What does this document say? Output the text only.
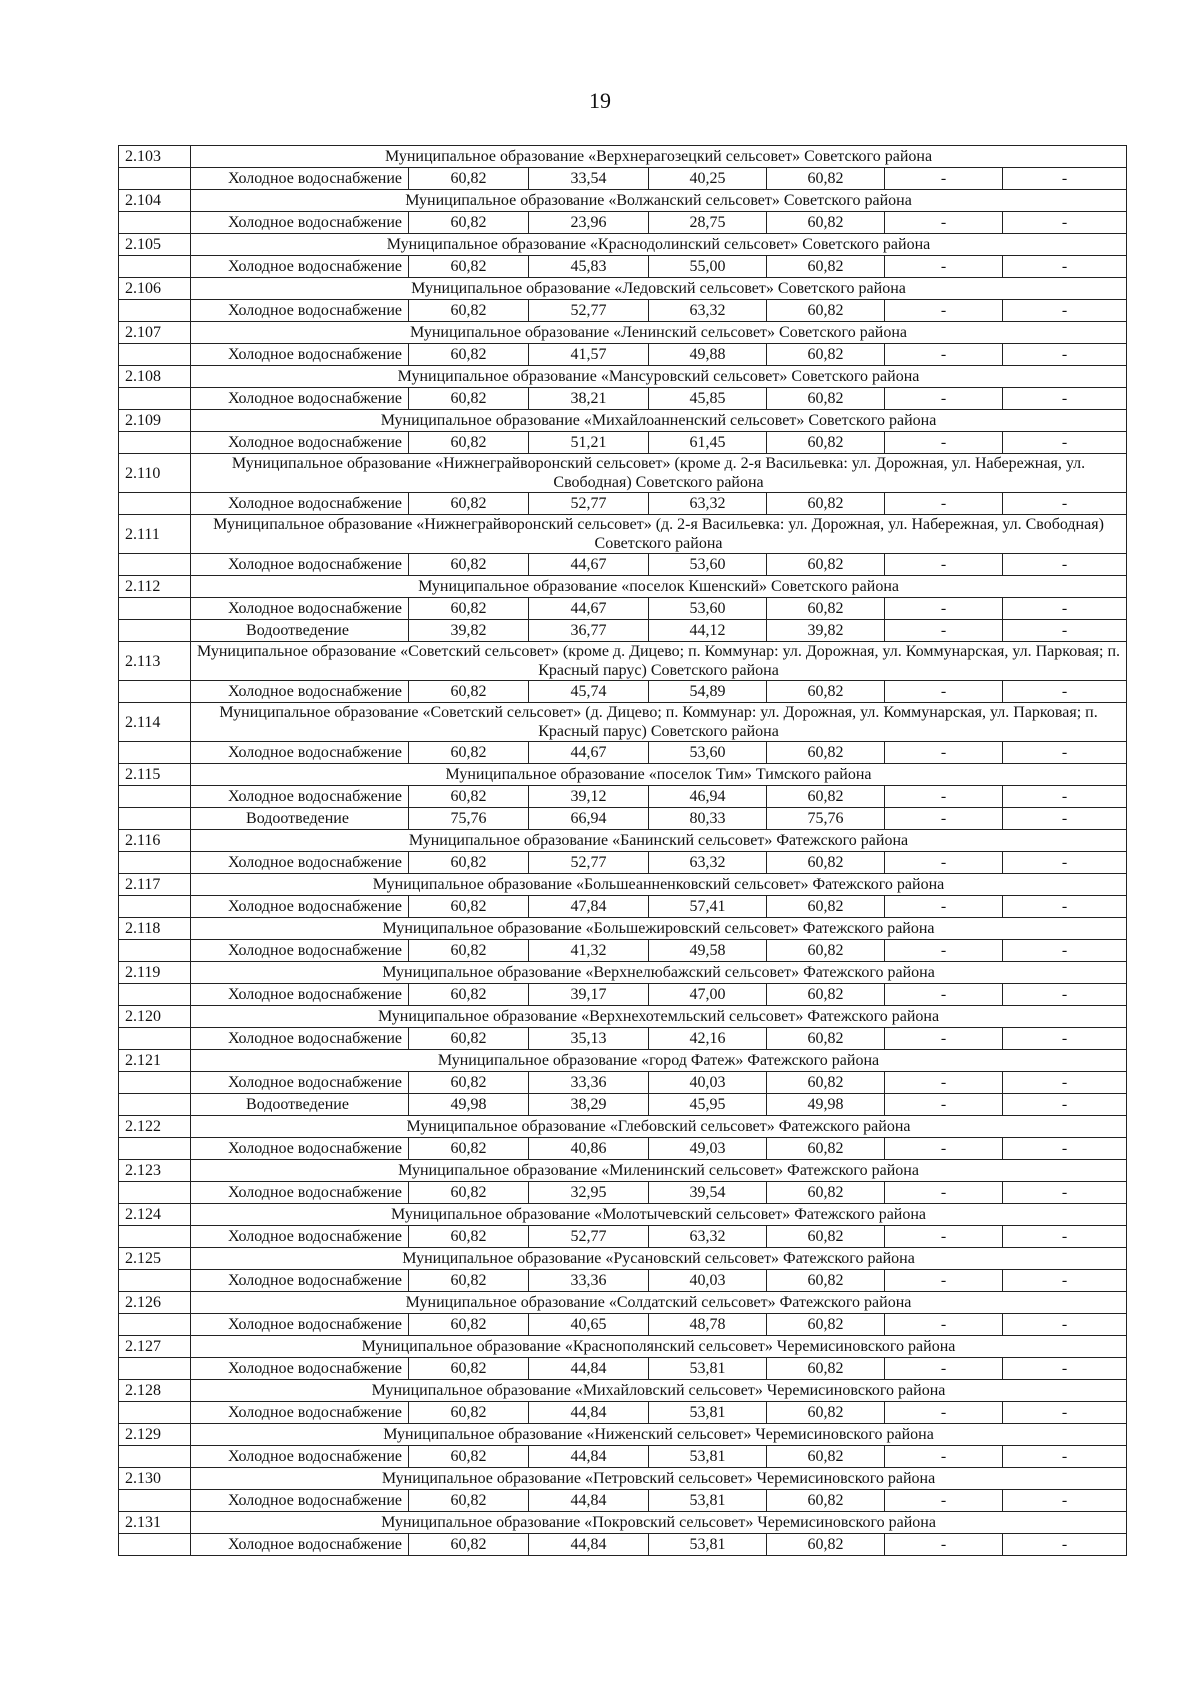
19
2.103	Муниципальное образование «Верхнерагозецкий сельсовет» Советского района						
	Холодное водоснабжение	60,82	33,54	40,25	60,82	-	-
2.104	Муниципальное образование «Волжанский сельсовет» Советского района						
	Холодное водоснабжение	60,82	23,96	28,75	60,82	-	-
2.105	Муниципальное образование «Краснодолинский сельсовет» Советского района						
	Холодное водоснабжение	60,82	45,83	55,00	60,82	-	-
2.106	Муниципальное образование «Ледовский сельсовет» Советского района						
	Холодное водоснабжение	60,82	52,77	63,32	60,82	-	-
2.107	Муниципальное образование «Ленинский сельсовет» Советского района						
	Холодное водоснабжение	60,82	41,57	49,88	60,82	-	-
2.108	Муниципальное образование «Мансуровский сельсовет» Советского района						
	Холодное водоснабжение	60,82	38,21	45,85	60,82	-	-
2.109	Муниципальное образование «Михайлоанненский сельсовет» Советского района						
	Холодное водоснабжение	60,82	51,21	61,45	60,82	-	-
2.110	Муниципальное образование «Нижнеграйворонский сельсовет» (кроме д. 2-я Васильевка: ул. Дорожная, ул. Набережная, ул. Свободная) Советского района						
	Холодное водоснабжение	60,82	52,77	63,32	60,82	-	-
2.111	Муниципальное образование «Нижнеграйворонский сельсовет» (д. 2-я Васильевка: ул. Дорожная, ул. Набережная, ул. Свободная) Советского района						
	Холодное водоснабжение	60,82	44,67	53,60	60,82	-	-
2.112	Муниципальное образование «поселок Кшенский» Советского района						
	Холодное водоснабжение	60,82	44,67	53,60	60,82	-	-
	Водоотведение	39,82	36,77	44,12	39,82	-	-
2.113	Муниципальное образование «Советский сельсовет» (кроме д. Дицево; п. Коммунар: ул. Дорожная, ул. Коммунарская, ул. Парковая; п. Красный парус) Советского района						
	Холодное водоснабжение	60,82	45,74	54,89	60,82	-	-
2.114	Муниципальное образование «Советский сельсовет» (д. Дицево; п. Коммунар: ул. Дорожная, ул. Коммунарская, ул. Парковая; п. Красный парус) Советского района						
	Холодное водоснабжение	60,82	44,67	53,60	60,82	-	-
2.115	Муниципальное образование «поселок Тим» Тимского района						
	Холодное водоснабжение	60,82	39,12	46,94	60,82	-	-
	Водоотведение	75,76	66,94	80,33	75,76	-	-
2.116	Муниципальное образование «Банинский сельсовет» Фатежского района						
	Холодное водоснабжение	60,82	52,77	63,32	60,82	-	-
2.117	Муниципальное образование «Большеанненковский сельсовет» Фатежского района						
	Холодное водоснабжение	60,82	47,84	57,41	60,82	-	-
2.118	Муниципальное образование «Большежировский сельсовет» Фатежского района						
	Холодное водоснабжение	60,82	41,32	49,58	60,82	-	-
2.119	Муниципальное образование «Верхнелюбажский сельсовет» Фатежского района						
	Холодное водоснабжение	60,82	39,17	47,00	60,82	-	-
2.120	Муниципальное образование «Верхнехотемльский сельсовет» Фатежского района						
	Холодное водоснабжение	60,82	35,13	42,16	60,82	-	-
2.121	Муниципальное образование «город Фатеж» Фатежского района						
	Холодное водоснабжение	60,82	33,36	40,03	60,82	-	-
	Водоотведение	49,98	38,29	45,95	49,98	-	-
2.122	Муниципальное образование «Глебовский сельсовет» Фатежского района						
	Холодное водоснабжение	60,82	40,86	49,03	60,82	-	-
2.123	Муниципальное образование «Миленинский сельсовет» Фатежского района						
	Холодное водоснабжение	60,82	32,95	39,54	60,82	-	-
2.124	Муниципальное образование «Молотычевский сельсовет» Фатежского района						
	Холодное водоснабжение	60,82	52,77	63,32	60,82	-	-
2.125	Муниципальное образование «Русановский сельсовет» Фатежского района						
	Холодное водоснабжение	60,82	33,36	40,03	60,82	-	-
2.126	Муниципальное образование «Солдатский сельсовет» Фатежского района						
	Холодное водоснабжение	60,82	40,65	48,78	60,82	-	-
2.127	Муниципальное образование «Краснополянский сельсовет» Черемисиновского района						
	Холодное водоснабжение	60,82	44,84	53,81	60,82	-	-
2.128	Муниципальное образование «Михайловский сельсовет» Черемисиновского района						
	Холодное водоснабжение	60,82	44,84	53,81	60,82	-	-
2.129	Муниципальное образование «Ниженский сельсовет» Черемисиновского района						
	Холодное водоснабжение	60,82	44,84	53,81	60,82	-	-
2.130	Муниципальное образование «Петровский сельсовет» Черемисиновского района						
	Холодное водоснабжение	60,82	44,84	53,81	60,82	-	-
2.131	Муниципальное образование «Покровский сельсовет» Черемисиновского района						
	Холодное водоснабжение	60,82	44,84	53,81	60,82	-	-
